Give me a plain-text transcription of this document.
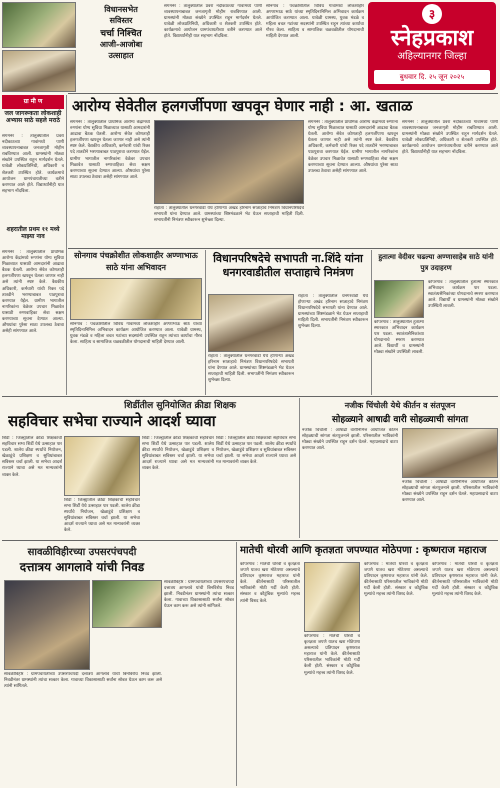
विधानसभेत
सविस्तर
चर्चा निश्चित
आजी-आजोबा
उत्साहात
संगमनेर : तालुक्यातील प्रवरा नदीकाठच्या गावांमध्ये पाणी व्यवस्थापनाबाबत जनजागृती मोहीम राबविण्यात आली. ग्रामस्थांनी मोठ्या संख्येने उपस्थित राहून मार्गदर्शन घेतले. यावेळी लोकप्रतिनिधी, अधिकारी व शेतकरी उपस्थित होते. कार्यक्रमाचे आयोजन ग्रामपंचायतीच्या वतीने करण्यात आले होते. विद्यार्थ्यांनीही यात सहभाग नोंदविला.
सोनगाव : पंचक्रोशीतील विविध गावांमध्ये लोकशाहीर अण्णाभाऊ साठे यांच्या स्मृतिदिनानिमित्त अभिवादन कार्यक्रम आयोजित करण्यात आला. यावेळी ग्रामस्थ, युवक मंडळे व महिला बचत गटांच्या सदस्यांनी उपस्थित राहून त्यांच्या कार्याचा गौरव केला. साहित्य व सामाजिक चळवळीतील योगदानाची माहिती देण्यात आली.
३
स्नेहप्रकाश
अहिल्यानगर जिल्हा
बुधवार दि. २५ जून २०२५
ग्रा मी ण
जल जागरूकता लोकशाही अभ्यास साठे सहले मराठे
संगमनेर : तालुक्यातील प्रवरा नदीकाठच्या गावांमध्ये पाणी व्यवस्थापनाबाबत जनजागृती मोहीम राबविण्यात आली. ग्रामस्थांनी मोठ्या संख्येने उपस्थित राहून मार्गदर्शन घेतले. यावेळी लोकप्रतिनिधी, अधिकारी व शेतकरी उपस्थित होते. कार्यक्रमाचे आयोजन ग्रामपंचायतीच्या वतीने करण्यात आले होते. विद्यार्थ्यांनीही यात सहभाग नोंदविला.
शहरातील प्रथम ११ मध्ये माझ्या नाव
संगमनेर : तालुक्यातील प्राथमिक आरोग्य केंद्रांमध्ये रुग्णांना योग्य सुविधा मिळाव्यात यासाठी आमदारांनी आढावा बैठक घेतली. आरोग्य सेवेत कोणताही हलगर्जीपणा खपवून घेतला जाणार नाही असे त्यांनी स्पष्ट केले. वैद्यकीय अधिकारी, कर्मचारी यांची रिक्त पदे तातडीने भरण्याबाबत पाठपुरावा करण्यात येईल. ग्रामीण भागातील नागरिकांना वेळेवर उपचार मिळावेत यासाठी रुग्णवाहिका सेवा सक्षम करण्याच्या सूचना देण्यात आल्या. औषधांचा पुरेसा साठा उपलब्ध ठेवावा असेही सांगण्यात आले.
आरोग्य सेवेतील हलगर्जीपणा खपवून घेणार नाही : आ. खताळ
संगमनेर : तालुक्यातील प्राथमिक आरोग्य केंद्रांमध्ये रुग्णांना योग्य सुविधा मिळाव्यात यासाठी आमदारांनी आढावा बैठक घेतली. आरोग्य सेवेत कोणताही हलगर्जीपणा खपवून घेतला जाणार नाही असे त्यांनी स्पष्ट केले. वैद्यकीय अधिकारी, कर्मचारी यांची रिक्त पदे तातडीने भरण्याबाबत पाठपुरावा करण्यात येईल. ग्रामीण भागातील नागरिकांना वेळेवर उपचार मिळावेत यासाठी रुग्णवाहिका सेवा सक्षम करण्याच्या सूचना देण्यात आल्या. औषधांचा पुरेसा साठा उपलब्ध ठेवावा असेही सांगण्यात आले.
राहाता : तालुक्यातील धनगरवाडी येथे होणाऱ्या अखंड हरिनाम सप्ताहाचे निमंत्रण विधानपरिषदेचे सभापती यांना देण्यात आले. ग्रामस्थांच्या शिष्टमंडळाने भेट घेऊन सप्ताहाची माहिती दिली. सभापतींनी निमंत्रण स्वीकारून शुभेच्छा दिल्या.
संगमनेर : तालुक्यातील प्राथमिक आरोग्य केंद्रांमध्ये रुग्णांना योग्य सुविधा मिळाव्यात यासाठी आमदारांनी आढावा बैठक घेतली. आरोग्य सेवेत कोणताही हलगर्जीपणा खपवून घेतला जाणार नाही असे त्यांनी स्पष्ट केले. वैद्यकीय अधिकारी, कर्मचारी यांची रिक्त पदे तातडीने भरण्याबाबत पाठपुरावा करण्यात येईल. ग्रामीण भागातील नागरिकांना वेळेवर उपचार मिळावेत यासाठी रुग्णवाहिका सेवा सक्षम करण्याच्या सूचना देण्यात आल्या. औषधांचा पुरेसा साठा उपलब्ध ठेवावा असेही सांगण्यात आले.
संगमनेर : तालुक्यातील प्रवरा नदीकाठच्या गावांमध्ये पाणी व्यवस्थापनाबाबत जनजागृती मोहीम राबविण्यात आली. ग्रामस्थांनी मोठ्या संख्येने उपस्थित राहून मार्गदर्शन घेतले. यावेळी लोकप्रतिनिधी, अधिकारी व शेतकरी उपस्थित होते. कार्यक्रमाचे आयोजन ग्रामपंचायतीच्या वतीने करण्यात आले होते. विद्यार्थ्यांनीही यात सहभाग नोंदविला.
सोनगाव पंचक्रोशीत लोकशाहीर अण्णाभाऊ साठे यांना अभिवादन
सोनगाव : पंचक्रोशीतील विविध गावांमध्ये लोकशाहीर अण्णाभाऊ साठे यांच्या स्मृतिदिनानिमित्त अभिवादन कार्यक्रम आयोजित करण्यात आला. यावेळी ग्रामस्थ, युवक मंडळे व महिला बचत गटांच्या सदस्यांनी उपस्थित राहून त्यांच्या कार्याचा गौरव केला. साहित्य व सामाजिक चळवळीतील योगदानाची माहिती देण्यात आली.
विधानपरिषदेचे सभापती ना.शिंदे यांना धनगरवाडीतील सप्ताहाचे निमंत्रण
राहाता : तालुक्यातील धनगरवाडी येथे होणाऱ्या अखंड हरिनाम सप्ताहाचे निमंत्रण विधानपरिषदेचे सभापती यांना देण्यात आले. ग्रामस्थांच्या शिष्टमंडळाने भेट घेऊन सप्ताहाची माहिती दिली. सभापतींनी निमंत्रण स्वीकारून शुभेच्छा दिल्या.
राहाता : तालुक्यातील धनगरवाडी येथे होणाऱ्या अखंड हरिनाम सप्ताहाचे निमंत्रण विधानपरिषदेचे सभापती यांना देण्यात आले. ग्रामस्थांच्या शिष्टमंडळाने भेट घेऊन सप्ताहाची माहिती दिली. सभापतींनी निमंत्रण स्वीकारून शुभेच्छा दिल्या.
हुतात्मा वेदीवर चढल्या अण्णासाहेब साठे यांनी पुत्र उदाहरण
कोपरगाव : तालुक्यातील हुतात्मा स्मारकात अभिवादन कार्यक्रम पार पडला. स्वातंत्र्यसैनिकांच्या योगदानाचे स्मरण करण्यात आले. विद्यार्थी व ग्रामस्थांनी मोठ्या संख्येने उपस्थिती लावली.
कोपरगाव : तालुक्यातील हुतात्मा स्मारकात अभिवादन कार्यक्रम पार पडला. स्वातंत्र्यसैनिकांच्या योगदानाचे स्मरण करण्यात आले. विद्यार्थी व ग्रामस्थांनी मोठ्या संख्येने उपस्थिती लावली.
शिर्डीतील सुनियोजित क्रीडा शिक्षक
सहविचार सभेचा राज्याने आदर्श घ्यावा
शिर्डी : जिल्ह्यातील क्रीडा शिक्षकांची सहविचार सभा शिर्डी येथे उत्साहात पार पडली. शालेय क्रीडा स्पर्धांचे नियोजन, खेळाडूंचे प्रशिक्षण व सुविधांबाबत सविस्तर चर्चा झाली. या सभेचा आदर्श राज्याने घ्यावा असे मत मान्यवरांनी व्यक्त केले.
शिर्डी : जिल्ह्यातील क्रीडा शिक्षकांची सहविचार सभा शिर्डी येथे उत्साहात पार पडली. शालेय क्रीडा स्पर्धांचे नियोजन, खेळाडूंचे प्रशिक्षण व सुविधांबाबत सविस्तर चर्चा झाली. या सभेचा आदर्श राज्याने घ्यावा असे मत मान्यवरांनी व्यक्त केले.
शिर्डी : जिल्ह्यातील क्रीडा शिक्षकांची सहविचार सभा शिर्डी येथे उत्साहात पार पडली. शालेय क्रीडा स्पर्धांचे नियोजन, खेळाडूंचे प्रशिक्षण व सुविधांबाबत सविस्तर चर्चा झाली. या सभेचा आदर्श राज्याने घ्यावा असे मत मान्यवरांनी व्यक्त केले.
शिर्डी : जिल्ह्यातील क्रीडा शिक्षकांची सहविचार सभा शिर्डी येथे उत्साहात पार पडली. शालेय क्रीडा स्पर्धांचे नियोजन, खेळाडूंचे प्रशिक्षण व सुविधांबाबत सविस्तर चर्चा झाली. या सभेचा आदर्श राज्याने घ्यावा असे मत मान्यवरांनी व्यक्त केले.
नजीक चिंचोली येथे कीर्तन व संतपूजन
सोहळ्याने आषाढी वारी सोहळ्याची सांगता
नजीक चिंचोली : आषाढी वारीनिमित्त आयोजित कीर्तन सोहळ्याची सांगता संतपूजनाने झाली. परिसरातील भाविकांनी मोठ्या संख्येने उपस्थित राहून दर्शन घेतले. महाप्रसादाचे वाटप करण्यात आले.
नजीक चिंचोली : आषाढी वारीनिमित्त आयोजित कीर्तन सोहळ्याची सांगता संतपूजनाने झाली. परिसरातील भाविकांनी मोठ्या संख्येने उपस्थित राहून दर्शन घेतले. महाप्रसादाचे वाटप करण्यात आले.
सावळीविहीरच्या उपसरपंचपदी
दत्तात्रय आगलावे यांची निवड
सावळीविहीर : ग्रामपंचायतीच्या उपसरपंचपदी दत्तात्रय आगलावे यांची बिनविरोध निवड झाली. निवडीनंतर ग्रामस्थांनी त्यांचा सत्कार केला. गावाच्या विकासासाठी सर्वांना सोबत घेऊन काम करू असे त्यांनी सांगितले.
सावळीविहीर : ग्रामपंचायतीच्या उपसरपंचपदी दत्तात्रय आगलावे यांची बिनविरोध निवड झाली. निवडीनंतर ग्रामस्थांनी त्यांचा सत्कार केला. गावाच्या विकासासाठी सर्वांना सोबत घेऊन काम करू असे त्यांनी सांगितले.
मातेची थोरवी आणि कृतज्ञता जपण्यात मोठेपणा : कृष्णराज महाराज
कोपरगाव : मातेची थोरवी व कृतज्ञता जपणे यातच खरा मोठेपणा असल्याचे प्रतिपादन कृष्णराज महाराज यांनी केले. कीर्तनासाठी परिसरातील भाविकांनी मोठी गर्दी केली होती. संस्कार व कौटुंबिक मूल्यांचे महत्त्व त्यांनी विशद केले.
कोपरगाव : मातेची थोरवी व कृतज्ञता जपणे यातच खरा मोठेपणा असल्याचे प्रतिपादन कृष्णराज महाराज यांनी केले. कीर्तनासाठी परिसरातील भाविकांनी मोठी गर्दी केली होती. संस्कार व कौटुंबिक मूल्यांचे महत्त्व त्यांनी विशद केले.
कोपरगाव : मातेची थोरवी व कृतज्ञता जपणे यातच खरा मोठेपणा असल्याचे प्रतिपादन कृष्णराज महाराज यांनी केले. कीर्तनासाठी परिसरातील भाविकांनी मोठी गर्दी केली होती. संस्कार व कौटुंबिक मूल्यांचे महत्त्व त्यांनी विशद केले.
कोपरगाव : मातेची थोरवी व कृतज्ञता जपणे यातच खरा मोठेपणा असल्याचे प्रतिपादन कृष्णराज महाराज यांनी केले. कीर्तनासाठी परिसरातील भाविकांनी मोठी गर्दी केली होती. संस्कार व कौटुंबिक मूल्यांचे महत्त्व त्यांनी विशद केले.
